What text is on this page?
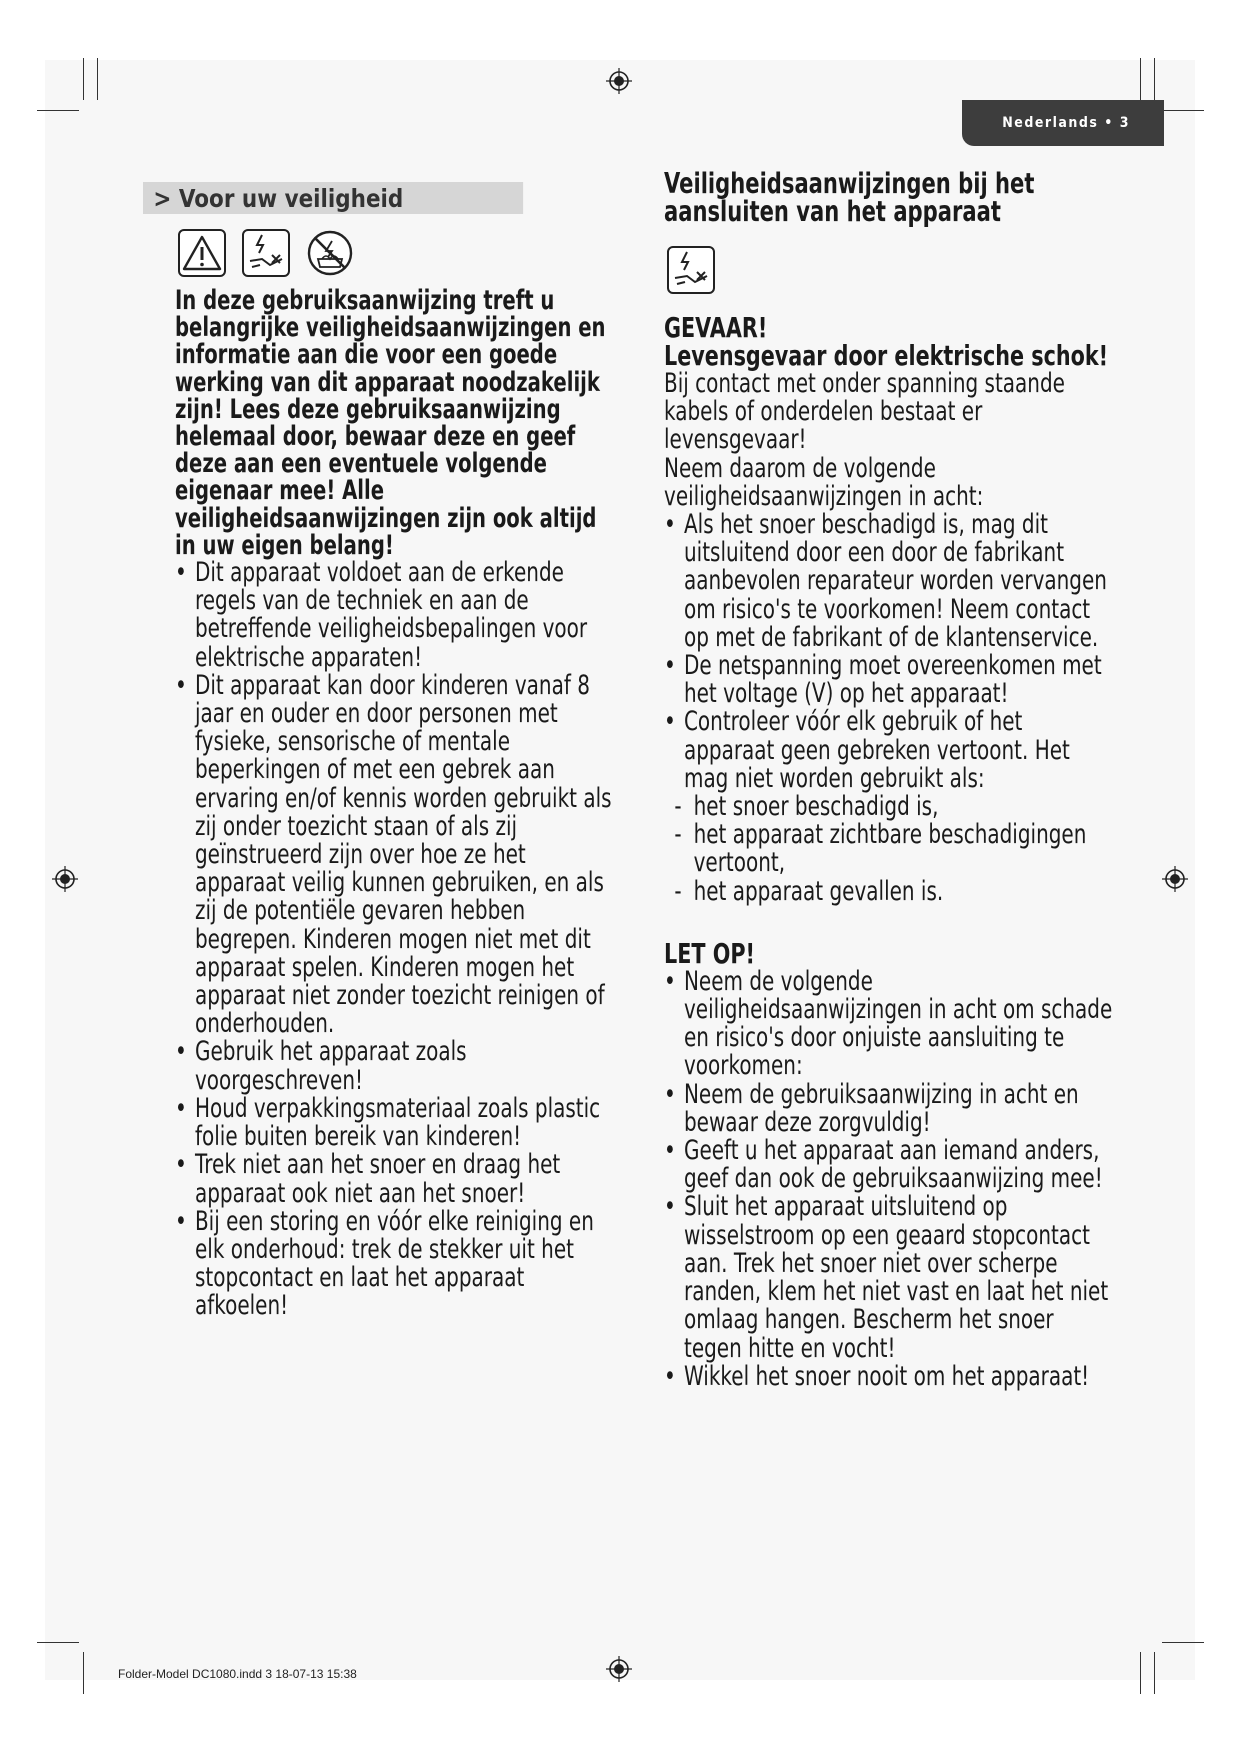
Nederlands • 3
> Voor uw veiligheid

In deze gebruiksaanwijzing treft u belangrijke veiligheidsaanwijzingen en informatie aan die voor een goede werking van dit apparaat noodzakelijk zijn! Lees deze gebruiksaanwijzing helemaal door, bewaar deze en geef deze aan een eventuele volgende eigenaar mee! Alle veiligheidsaanwijzingen zijn ook altijd in uw eigen belang!

• Dit apparaat voldoet aan de erkende regels van de techniek en aan de betreffende veiligheidsbepalingen voor elektrische apparaten!
• Dit apparaat kan door kinderen vanaf 8 jaar en ouder en door personen met fysieke, sensorische of mentale beperkingen of met een gebrek aan ervaring en/of kennis worden gebruikt als zij onder toezicht staan of als zij geïnstrueerd zijn over hoe ze het apparaat veilig kunnen gebruiken, en als zij de potentiële gevaren hebben begrepen. Kinderen mogen niet met dit apparaat spelen. Kinderen mogen het apparaat niet zonder toezicht reinigen of onderhouden.
• Gebruik het apparaat zoals voorgeschreven!
• Houd verpakkingsmateriaal zoals plastic folie buiten bereik van kinderen!
• Trek niet aan het snoer en draag het apparaat ook niet aan het snoer!
• Bij een storing en vóór elke reiniging en elk onderhoud: trek de stekker uit het stopcontact en laat het apparaat afkoelen!

Veiligheidsaanwijzingen bij het aansluiten van het apparaat

GEVAAR!

Levensgevaar door elektrische schok!

Bij contact met onder spanning staande kabels of onderdelen bestaat er levensgevaar!

Neem daarom de volgende veiligheidsaanwijzingen in acht:

• Als het snoer beschadigd is, mag dit uitsluitend door een door de fabrikant aanbevolen reparateur worden vervangen om risico's te voorkomen! Neem contact op met de fabrikant of de klantenservice.
• De netspanning moet overeenkomen met het voltage (V) op het apparaat!
• Controleer vóór elk gebruik of het apparaat geen gebreken vertoont. Het mag niet worden gebruikt als:
- het snoer beschadigd is,
- het apparaat zichtbare beschadigingen vertoont,
- het apparaat gevallen is.

LET OP!

• Neem de volgende veiligheidsaanwijzingen in acht om schade en risico's door onjuiste aansluiting te voorkomen:
• Neem de gebruiksaanwijzing in acht en bewaar deze zorgvuldig!
• Geeft u het apparaat aan iemand anders, geef dan ook de gebruiksaanwijzing mee!
• Sluit het apparaat uitsluitend op wisselstroom op een geaard stopcontact aan. Trek het snoer niet over scherpe randen, klem het niet vast en laat het niet omlaag hangen. Bescherm het snoer tegen hitte en vocht!
• Wikkel het snoer nooit om het apparaat!
Folder-Model DC1080.indd 3 18-07-13 15:38
